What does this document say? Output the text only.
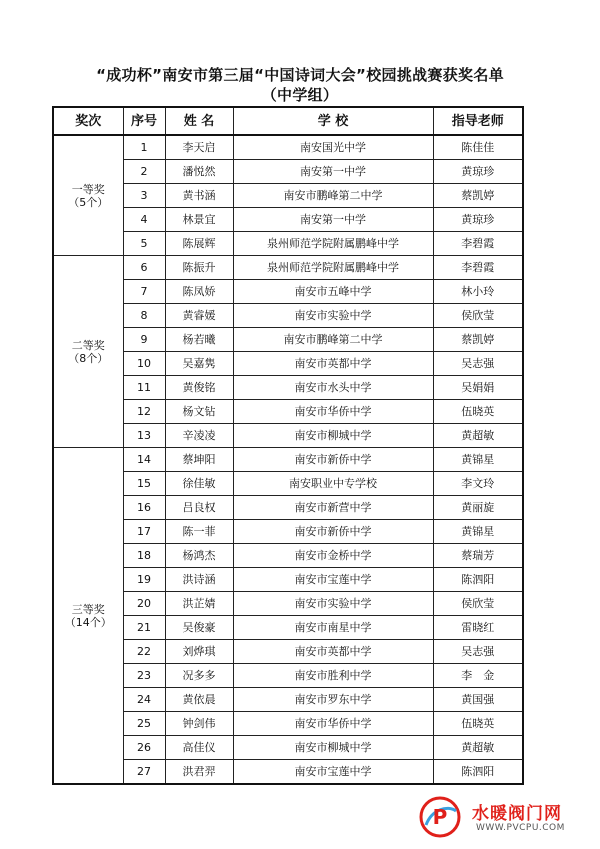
“成功杯”南安市第三届“中国诗词大会”校园挑战赛获奖名单
（中学组）
奖次	序号	姓 名	学 校	指导老师

一等奖
（5个）	1	李天启	南安国光中学	陈佳佳
	2	潘悦然	南安第一中学	黄琼珍
	3	黄书涵	南安市鹏峰第二中学	蔡凯婷
	4	林景宜	南安第一中学	黄琼珍
	5	陈展辉	泉州师范学院附属鹏峰中学	李碧霞

二等奖
（8个）	6	陈振升	泉州师范学院附属鹏峰中学	李碧霞
	7	陈凤娇	南安市五峰中学	林小玲
	8	黄睿媛	南安市实验中学	侯欣莹
	9	杨若曦	南安市鹏峰第二中学	蔡凯婷
	10	吴嘉隽	南安市英都中学	吴志强
	11	黄俊铭	南安市水头中学	吴娟娟
	12	杨文钻	南安市华侨中学	伍晓英
	13	辛凌凌	南安市柳城中学	黄超敏

三等奖
（14个）	14	蔡坤阳	南安市新侨中学	黄锦星
	15	徐佳敏	南安职业中专学校	李文玲
	16	吕良权	南安市新营中学	黄丽旋
	17	陈一菲	南安市新侨中学	黄锦星
	18	杨鸿杰	南安市金桥中学	蔡瑞芳
	19	洪诗涵	南安市宝莲中学	陈泗阳
	20	洪芷婧	南安市实验中学	侯欣莹
	21	吴俊豪	南安市南星中学	雷晓红
	22	刘烨琪	南安市英都中学	吴志强
	23	况多多	南安市胜利中学	李　金
	24	黄依晨	南安市罗东中学	黄国强
	25	钟剑伟	南安市华侨中学	伍晓英
	26	高佳仪	南安市柳城中学	黄超敏
	27	洪君羿	南安市宝莲中学	陈泗阳
P 水暖阀门网
WWW.PVCPU.COM
